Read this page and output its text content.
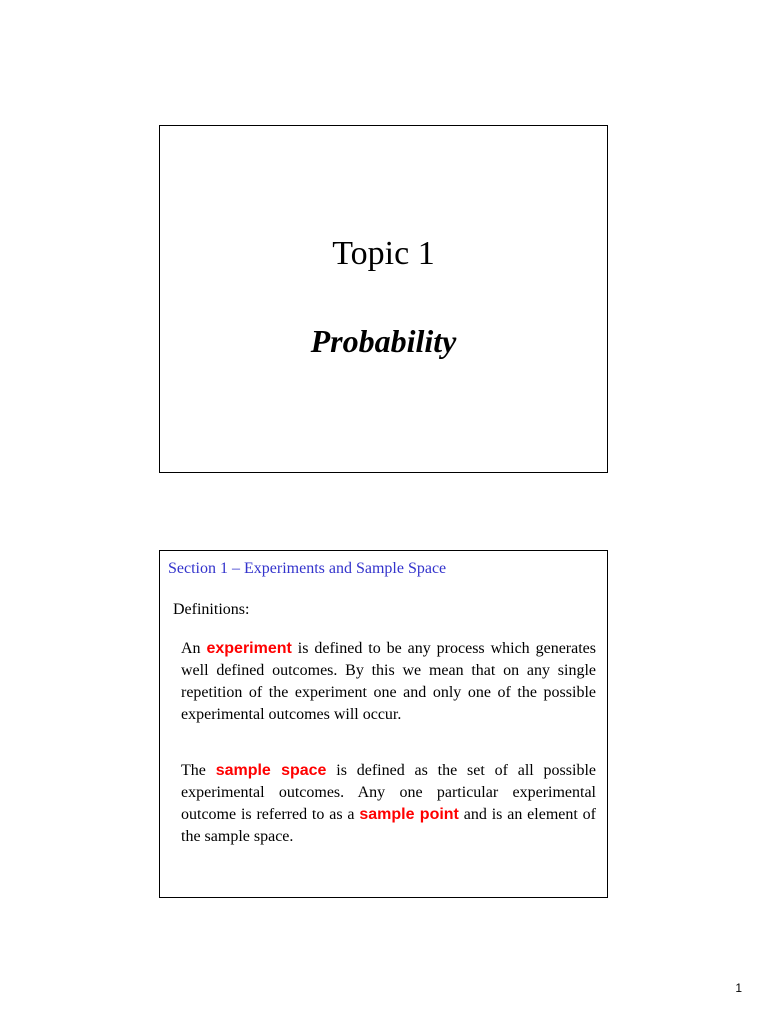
Topic 1
Probability
Section 1 – Experiments and Sample Space
Definitions:
An experiment is defined to be any process which generates well defined outcomes. By this we mean that on any single repetition of the experiment one and only one of the possible experimental outcomes will occur.
The sample space is defined as the set of all possible experimental outcomes. Any one particular experimental outcome is referred to as a sample point and is an element of the sample space.
1
